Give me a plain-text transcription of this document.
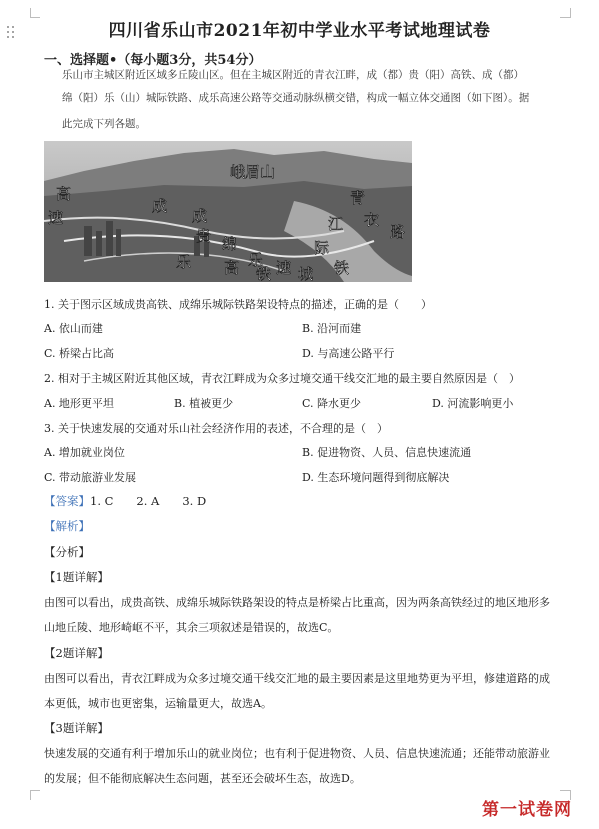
四川省乐山市2021年初中学业水平考试地理试卷
一、选择题•（每小题3分，共54分）
乐山市主城区附近区域多丘陵山区。但在主城区附近的青衣江畔，成（都）贵（阳）高铁、成（都）
绵（阳）乐（山）城际铁路、成乐高速公路等交通动脉纵横交错，构成一幅立体交通图（如下图）。据
此完成下列各题。
峨眉山
高
速
成
成
贵 绵
乐 高 乐
铁 速 城
际
铁
青
江 衣
路
1. 关于图示区域成贵高铁、成绵乐城际铁路架设特点的描述，正确的是（　　）
A. 依山而建	B. 沿河而建
C. 桥梁占比高	D. 与高速公路平行
2. 相对于主城区附近其他区域，青衣江畔成为众多过境交通干线交汇地的最主要自然原因是（　）
A. 地形更平坦	B. 植被更少	C. 降水更少	D. 河流影响更小
3. 关于快速发展的交通对乐山社会经济作用的表述，不合理的是（　）
A. 增加就业岗位	B. 促进物资、人员、信息快速流通
C. 带动旅游业发展	D. 生态环境问题得到彻底解决
【答案】1. C　　2. A　　3. D
【解析】
【分析】
【1题详解】
由图可以看出，成贵高铁、成绵乐城际铁路架设的特点是桥梁占比重高，因为两条高铁经过的地区地形多
山地丘陵、地形崎岖不平，其余三项叙述是错误的，故选C。
【2题详解】
由图可以看出，青衣江畔成为众多过境交通干线交汇地的最主要因素是这里地势更为平坦，修建道路的成
本更低，城市也更密集，运输量更大，故选A。
【3题详解】
快速发展的交通有利于增加乐山的就业岗位；也有利于促进物资、人员、信息快速流通；还能带动旅游业
的发展；但不能彻底解决生态问题，甚至还会破坏生态，故选D。
第一试卷网
